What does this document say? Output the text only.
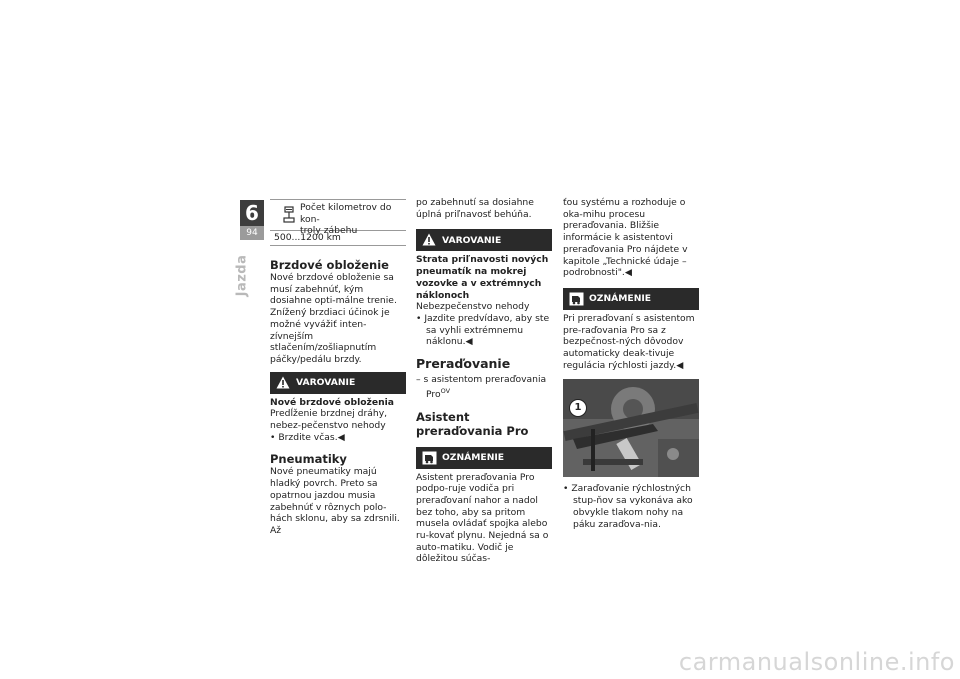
6
94
Jazda

Počet kilometrov do kon-
troly zábehu

500...1200 km
Brzdové obloženie

Nové brzdové obloženie sa musí zabehnúť, kým dosiahne opti-málne trenie. Znížený brzdiaci účinok je možné vyvážiť inten-zívnejším stlačením/zošliapnutím páčky/pedálu brzdy.

VAROVANIE

Nové brzdové obloženia

Predĺženie brzdnej dráhy, nebez-pečenstvo nehody

• Brzdite včas.◀

Pneumatiky

Nové pneumatiky majú hladký povrch. Preto sa opatrnou jazdou musia zabehnúť v rôznych polo-hách sklonu, aby sa zdrsnili. Až

po zabehnutí sa dosiahne úplná priľnavosť behúňa.

VAROVANIE

Strata priľnavosti nových pneumatík na mokrej vozovke a v extrémnych náklonoch

Nebezpečenstvo nehody

• Jazdite predvídavo, aby ste sa vyhli extrémnemu náklonu.◀

Preraďovanie

– s asistentom preraďovania Pro$^{OV}$

Asistent preraďovania Pro
OZNÁMENIE

Asistent preraďovania Pro podpo-ruje vodiča pri preraďovaní nahor a nadol bez toho, aby sa pritom musela ovládať spojka alebo ru-kovať plynu. Nejedná sa o auto-matiku. Vodič je dôležitou súčas-

ťou systému a rozhoduje o oka-mihu procesu preraďovania. Bližšie informácie k asistentovi preraďovania Pro nájdete v kapitole „Technické údaje – podrobnosti".◀

OZNÁMENIE

Pri preraďovaní s asistentom pre-raďovania Pro sa z bezpečnost-ných dôvodov automaticky deak-tivuje regulácia rýchlosti jazdy.◀

1

• Zaraďovanie rýchlostných stup-ňov sa vykonáva ako obvykle tlakom nohy na páku zaraďova-nia.

carmanualsonline.info
